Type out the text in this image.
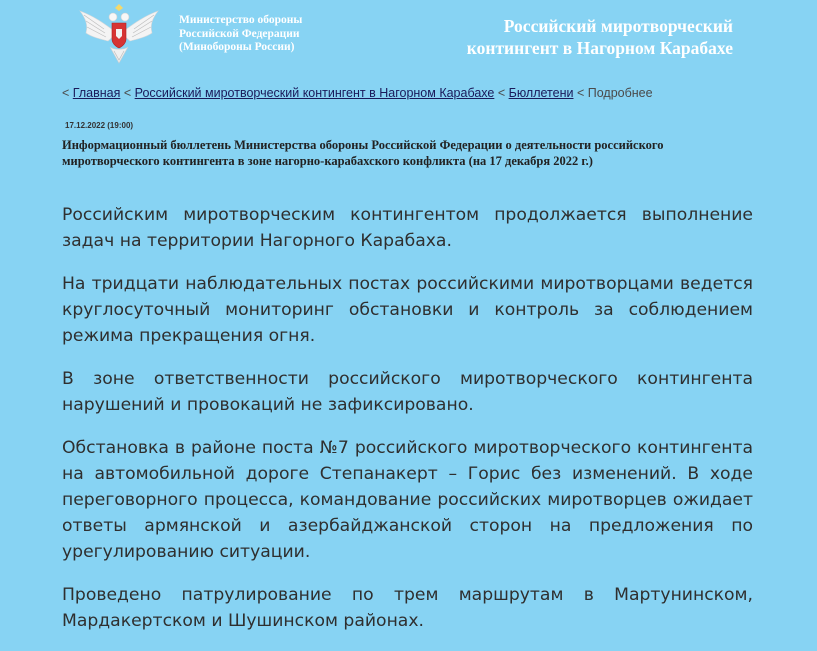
Министерство обороны
Российской Федерации
(Минобороны России)
Российский миротворческий
контингент в Нагорном Карабахе
< Главная < Российский миротворческий контингент в Нагорном Карабахе < Бюллетени < Подробнее
17.12.2022 (19:00)
Информационный бюллетень Министерства обороны Российской Федерации о деятельности российского миротворческого контингента в зоне нагорно-карабахского конфликта (на 17 декабря 2022 г.)

Российским миротворческим контингентом продолжается выполнение задач на территории Нагорного Карабаха.

На тридцати наблюдательных постах российскими миротворцами ведется круглосуточный мониторинг обстановки и контроль за соблюдением режима прекращения огня.

В зоне ответственности российского миротворческого контингента нарушений и провокаций не зафиксировано.

Обстановка в районе поста №7 российского миротворческого контингента на автомобильной дороге Степанакерт – Горис без изменений. В ходе переговорного процесса, командование российских миротворцев ожидает ответы армянской и азербайджанской сторон на предложения по урегулированию ситуации.

Проведено патрулирование по трем маршрутам в Мартунинском, Мардакертском и Шушинском районах.
